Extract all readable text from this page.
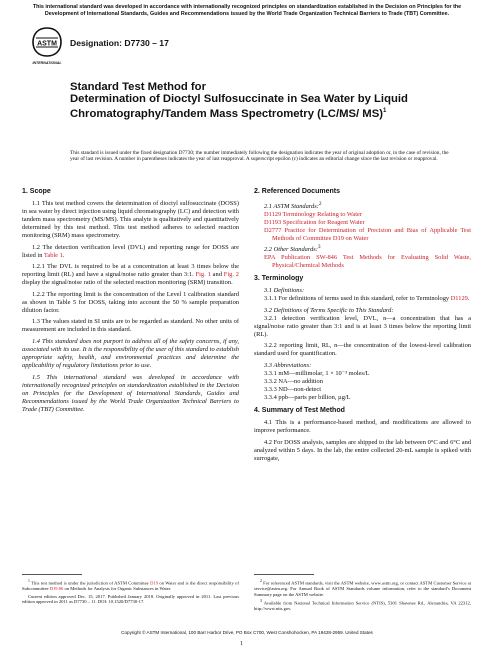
This international standard was developed in accordance with internationally recognized principles on standardization established in the Decision on Principles for the Development of International Standards, Guides and Recommendations issued by the World Trade Organization Technical Barriers to Trade (TBT) Committee.
ASTM
INTERNATIONAL
Designation: D7730 – 17
Standard Test Method for
Determination of Dioctyl Sulfosuccinate in Sea Water by Liquid Chromatography/Tandem Mass Spectrometry (LC/MS/ MS)$^1$
This standard is issued under the fixed designation D7730; the number immediately following the designation indicates the year of original adoption or, in the case of revision, the year of last revision. A number in parentheses indicates the year of last reapproval. A superscript epsilon (ε) indicates an editorial change since the last revision or reapproval.
1. Scope

1.1 This test method covers the determination of dioctyl sulfosuccinate (DOSS) in sea water by direct injection using liquid chromatography (LC) and detection with tandem mass spectrometry (MS/MS). This analyte is qualitatively and quantitatively determined by this test method. This test method adheres to selected reaction monitoring (SRM) mass spectrometry.

1.2 The detection verification level (DVL) and reporting range for DOSS are listed in Table 1.

1.2.1 The DVL is required to be at a concentration at least 3 times below the reporting limit (RL) and have a signal/noise ratio greater than 3:1. Fig. 1 and Fig. 2 display the signal/noise ratio of the selected reaction monitoring (SRM) transition.

1.2.2 The reporting limit is the concentration of the Level 1 calibration standard as shown in Table 5 for DOSS, taking into account the 50 % sample preparation dilution factor.

1.3 The values stated in SI units are to be regarded as standard. No other units of measurement are included in this standard.

1.4 This standard does not purport to address all of the safety concerns, if any, associated with its use. It is the responsibility of the user of this standard to establish appropriate safety, health, and environmental practices and determine the applicability of regulatory limitations prior to use.

1.5 This international standard was developed in accordance with internationally recognized principles on standardization established in the Decision on Principles for the Development of International Standards, Guides and Recommendations issued by the World Trade Organization Technical Barriers to Trade (TBT) Committee.

$^1$ This test method is under the jurisdiction of ASTM Committee D19 on Water and is the direct responsibility of Subcommittee D19.06 on Methods for Analysis for Organic Substances in Water.

Current edition approved Dec. 15, 2017. Published January 2018. Originally approved in 2011. Last previous edition approved in 2011 as D7730 – 11. DOI: 10.1520/D7730-17.

2. Referenced Documents

2.1 ASTM Standards:$^2$

D1129 Terminology Relating to Water

D1193 Specification for Reagent Water

D2777 Practice for Determination of Precision and Bias of Applicable Test Methods of Committee D19 on Water

2.2 Other Standards:$^3$

EPA Publication SW-846 Test Methods for Evaluating Solid Waste, Physical/Chemical Methods

3. Terminology

3.1 Definitions:

3.1.1 For definitions of terms used in this standard, refer to Terminology D1129.

3.2 Definitions of Terms Specific to This Standard:

3.2.1 detection verification level, DVL, n—a concentration that has a signal/noise ratio greater than 3:1 and is at least 3 times below the reporting limit (RL).

3.2.2 reporting limit, RL, n—the concentration of the lowest-level calibration standard used for quantification.

3.3 Abbreviations:

3.3.1 mM—millimolar, 1 × 10⁻³ moles/L

3.3.2 NA—no addition

3.3.3 ND—non-detect

3.3.4 ppb—parts per billion, µg/L

4. Summary of Test Method

4.1 This is a performance-based method, and modifications are allowed to improve performance.

4.2 For DOSS analysis, samples are shipped to the lab between 0°C and 6°C and analyzed within 5 days. In the lab, the entire collected 20-mL sample is spiked with surrogate,

$^2$ For referenced ASTM standards, visit the ASTM website, www.astm.org, or contact ASTM Customer Service at service@astm.org. For Annual Book of ASTM Standards volume information, refer to the standard’s Document Summary page on the ASTM website.

$^3$ Available from National Technical Information Service (NTIS), 5301 Shawnee Rd., Alexandria, VA 22312, http://www.ntis.gov.

Copyright © ASTM International, 100 Barr Harbor Drive, PO Box C700, West Conshohocken, PA 19428-2959. United States
1
